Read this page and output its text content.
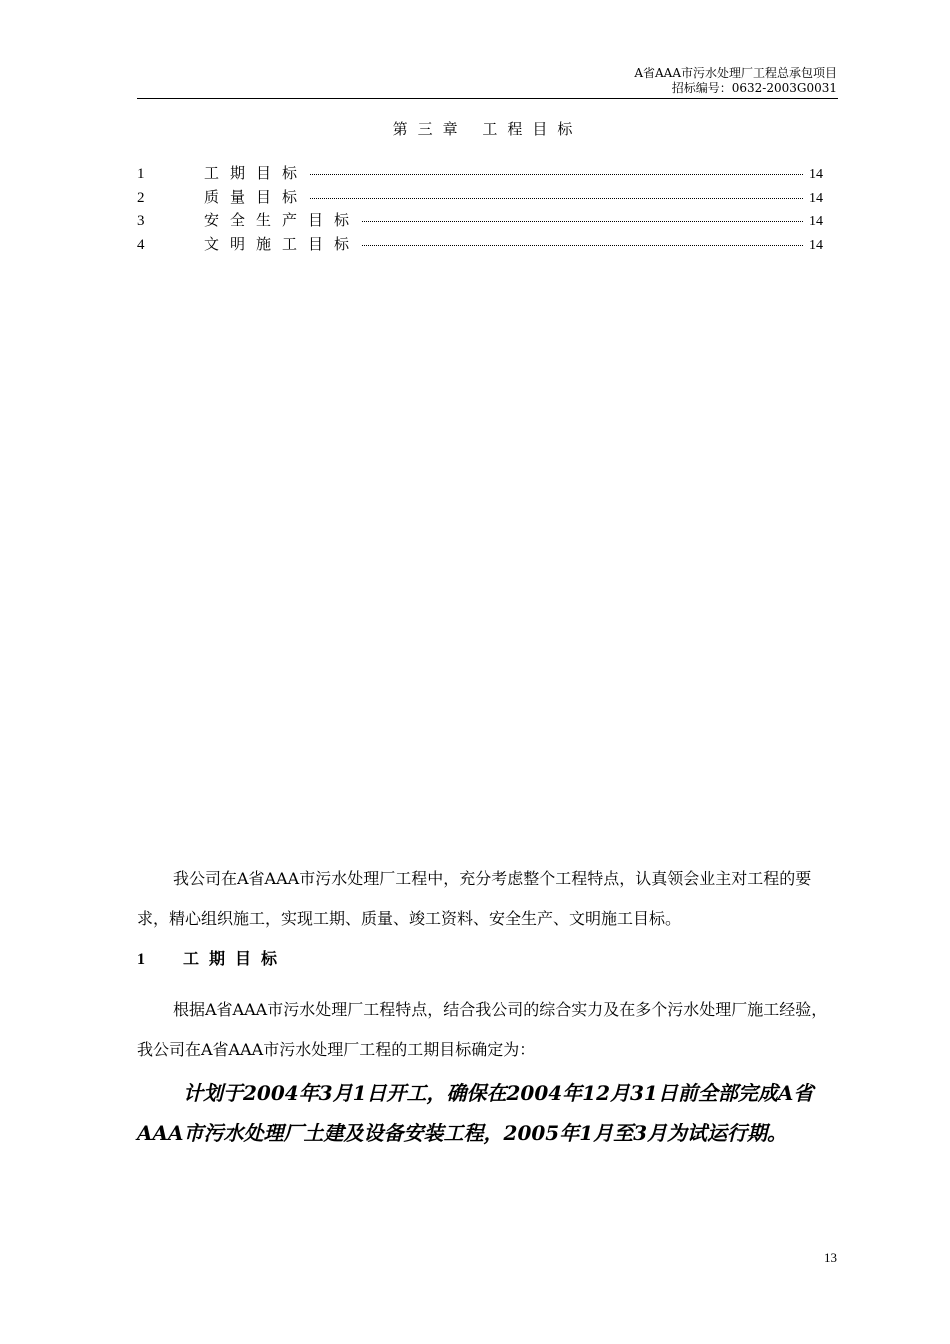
A省AAA市污水处理厂工程总承包项目
招标编号：0632-2003G0031
第三章 工程目标
1	工期目标	14
2	质量目标	14
3	安全生产目标	14
4	文明施工目标	14
我公司在A省AAA市污水处理厂工程中，充分考虑整个工程特点，认真领会业主对工程的要求，精心组织施工，实现工期、质量、竣工资料、安全生产、文明施工目标。
1 工期目标
根据A省AAA市污水处理厂工程特点，结合我公司的综合实力及在多个污水处理厂施工经验，我公司在A省AAA市污水处理厂工程的工期目标确定为：
计划于2004年3月1日开工，确保在2004年12月31日前全部完成A省AAA市污水处理厂土建及设备安装工程，2005年1月至3月为试运行期。
13
